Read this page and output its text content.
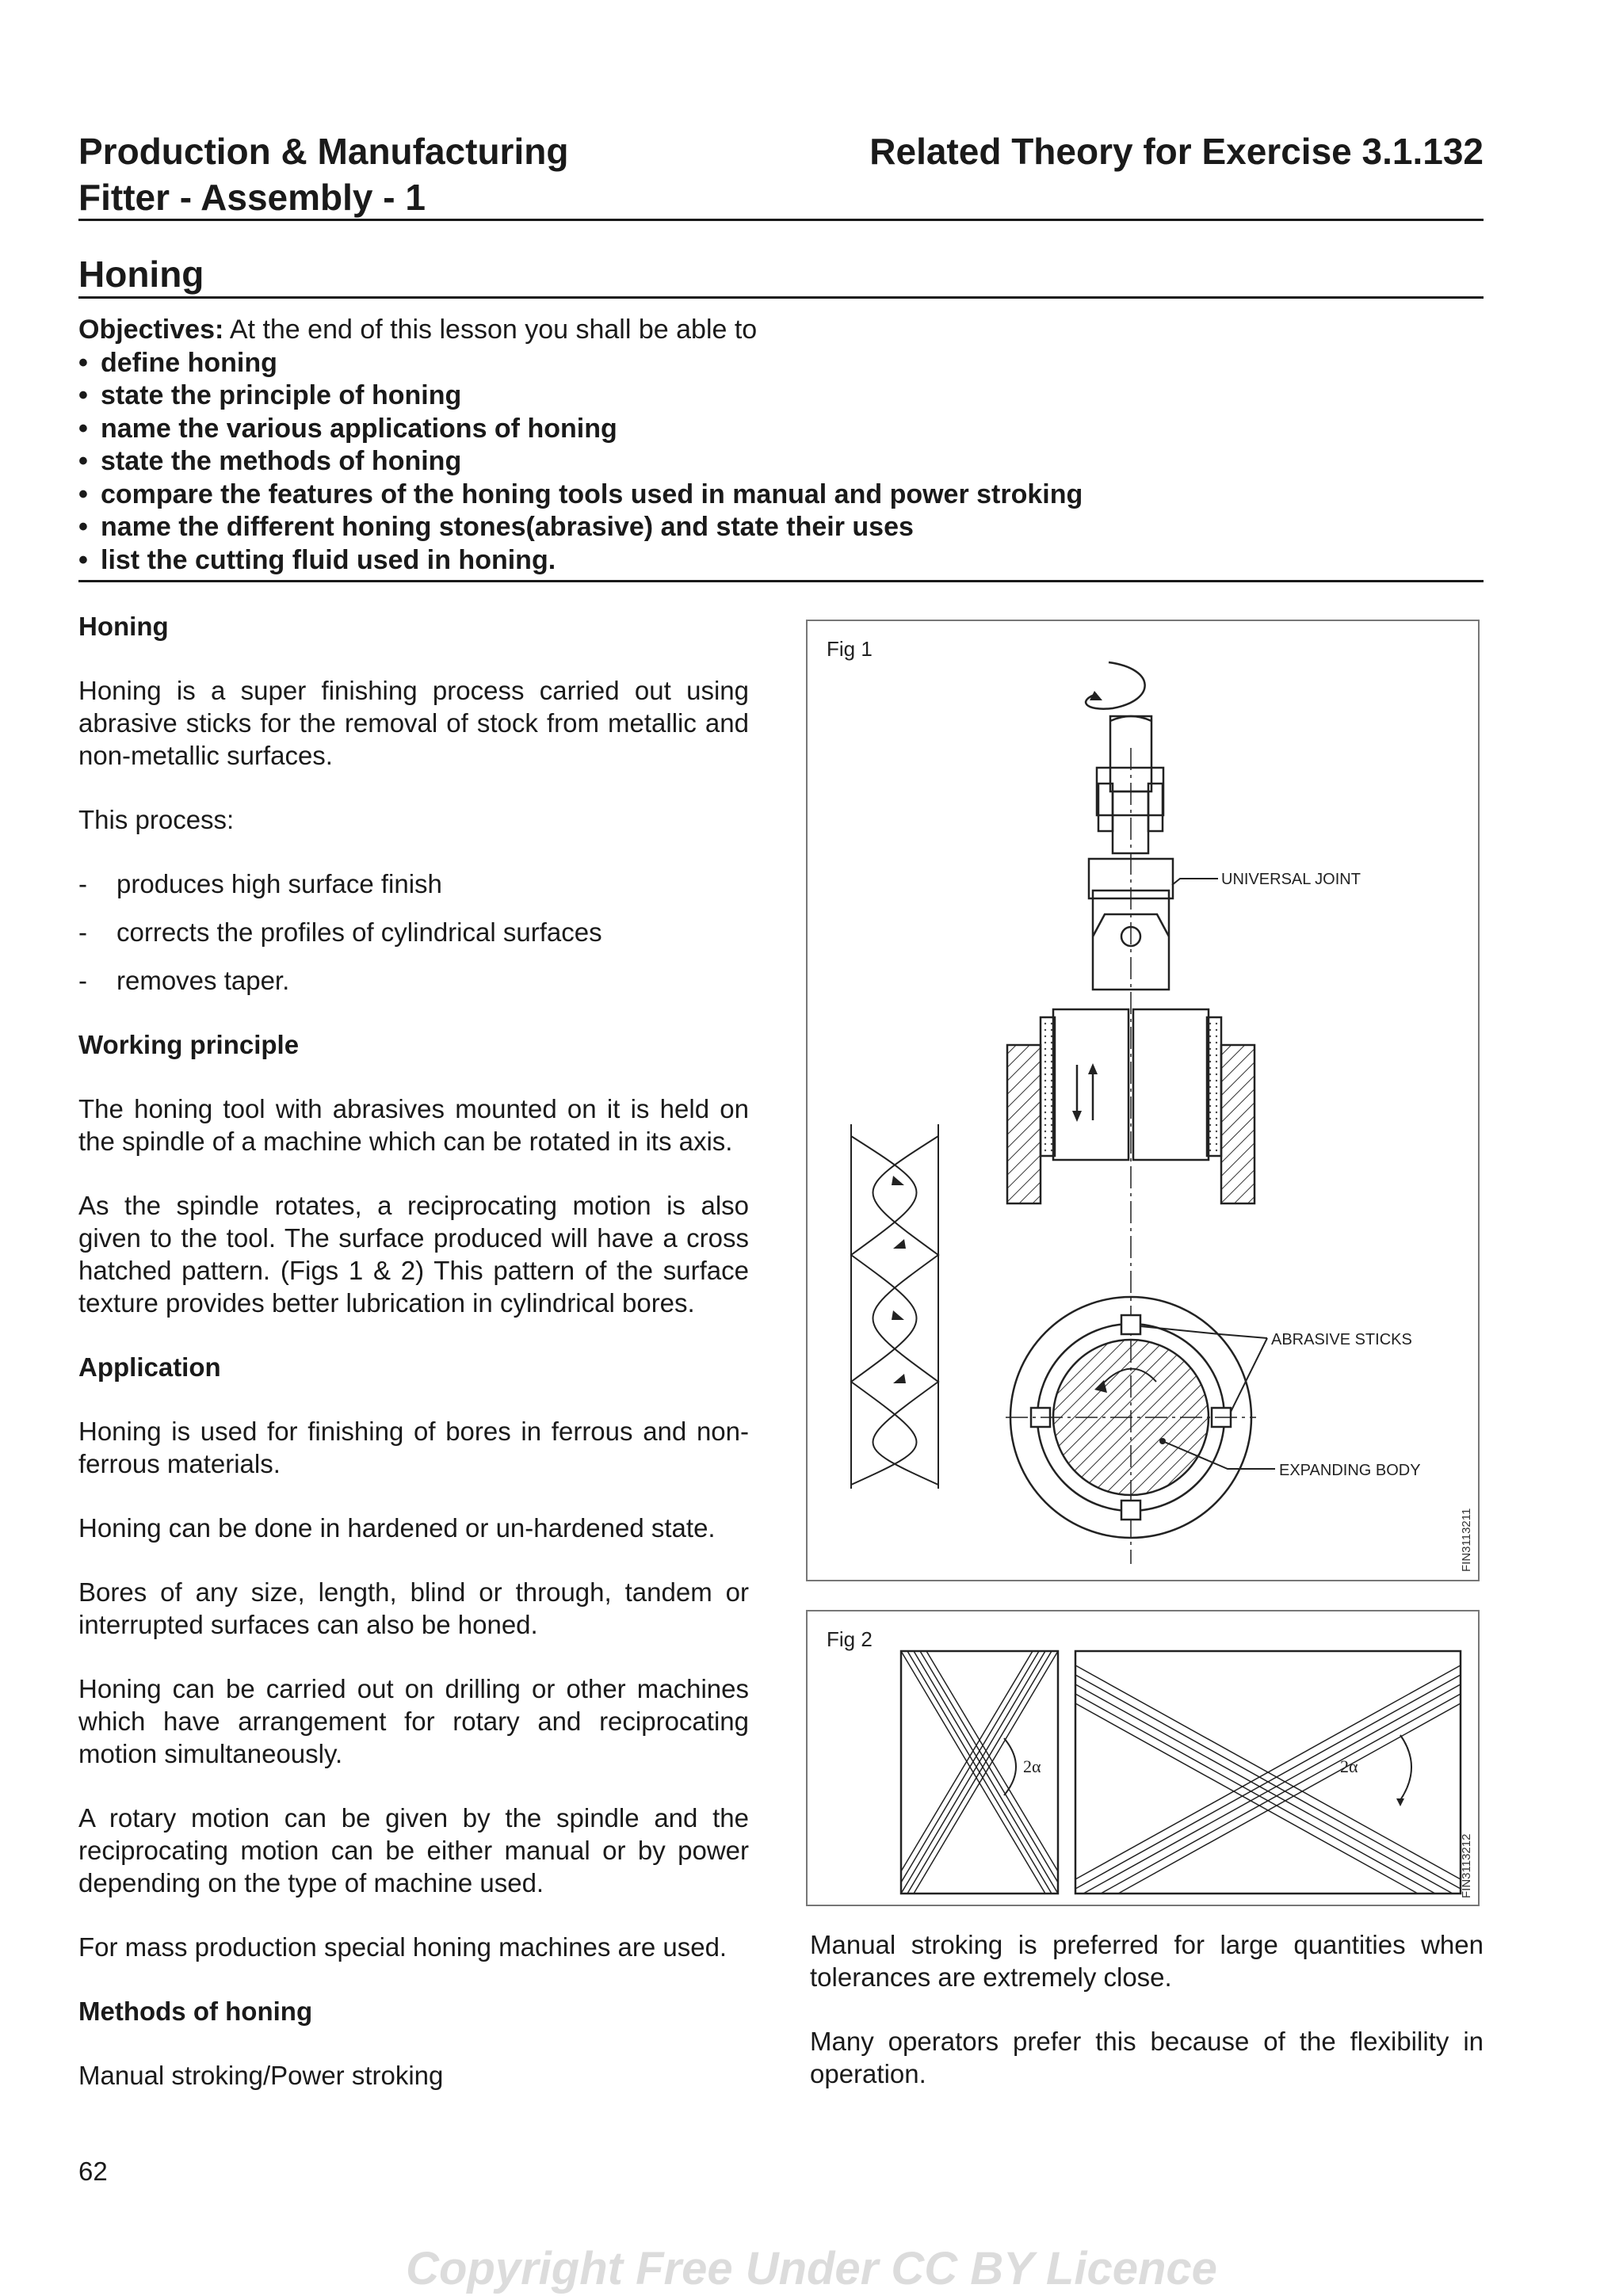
Production & Manufacturing
Fitter - Assembly - 1
Related Theory for Exercise 3.1.132
Honing
Objectives: At the end of this lesson you shall be able to
• define honing
• state the principle of honing
• name the various applications of honing
• state the methods of honing
• compare the features of the honing tools used in manual and power stroking
• name the different honing stones(abrasive) and state their uses
• list the cutting fluid used in honing.
Honing

Honing is a super finishing process carried out using abrasive sticks for the removal of stock from metallic and non-metallic surfaces.

This process:

-	produces high surface finish
-	corrects the profiles of cylindrical surfaces
-	removes taper.
Working principle

The honing tool with abrasives mounted on it is held on the spindle of a machine which can be rotated in its axis.

As the spindle rotates, a reciprocating motion is also given to the tool. The surface produced will have a cross hatched pattern. (Figs 1 & 2) This pattern of the surface texture provides better lubrication in cylindrical bores.

Application

Honing is used for finishing of bores in ferrous and non-ferrous materials.

Honing can be done in hardened or un-hardened state.

Bores of any size, length, blind or through, tandem or interrupted surfaces can also be honed.

Honing can be carried out on drilling or other machines which have arrangement for rotary and reciprocating motion simultaneously.

A rotary motion can be given by the spindle and the reciprocating motion can be either manual or by power depending on the type of machine used.

For mass production special honing machines are used.

Methods of honing

Manual stroking/Power stroking

Fig 1
UNIVERSAL JOINT
ABRASIVE STICKS
EXPANDING BODY
FIN3113211
Fig 2
2α	2α
FIN3113212

Manual stroking is preferred for large quantities when tolerances are extremely close.

Many operators prefer this because of the flexibility in operation.

62
Copyright Free Under CC BY Licence
